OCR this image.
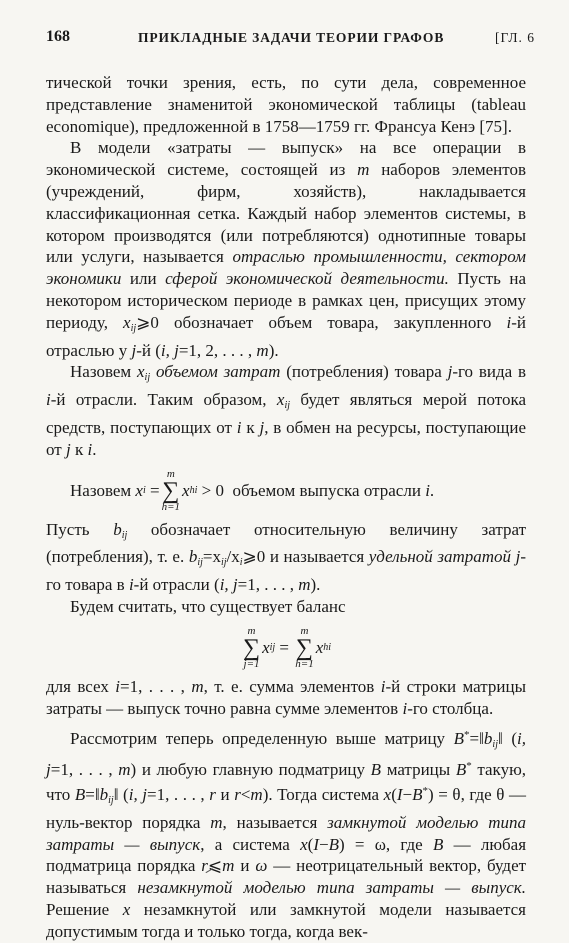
168	ПРИКЛАДНЫЕ ЗАДАЧИ ТЕОРИИ ГРАФОВ	[ГЛ. 6

тической точки зрения, есть, по сути дела, современное представление знаменитой экономической таблицы (tableau economique), предложенной в 1758—1759 гг. Франсуа Кенэ [75].

В модели «затраты — выпуск» на все операции в экономической системе, состоящей из m наборов элементов (учреждений, фирм, хозяйств), накладывается классификационная сетка. Каждый набор элементов системы, в котором производятся (или потребляются) однотипные товары или услуги, называется отраслью промышленности, сектором экономики или сферой экономической деятельности. Пусть на некотором историческом периоде в рамках цен, присущих этому периоду, $x_{ij}⩾0$ обозначает объем товара, закупленного i-й отраслью у j-й (i, j=1, 2, . . . , m).

Назовем $x_{ij}$ объемом затрат (потребления) товара j-го вида в i-й отрасли. Таким образом, $x_{ij}$ будет являться мерой потока средств, поступающих от i к j, в обмен на ресурсы, поступающие от j к i.

Назовем
x i
=
m
∑
h=1
x hi
> 0
объемом выпуска отрасли
i .

Пусть $b_{ij}$ обозначает относительную величину затрат (потребления), т. е. $b_{ij}=x_{ij}/x_i⩾0$ и называется удельной затратой j-го товара в i-й отрасли (i, j=1, . . . , m).

Будем считать, что существует баланс

m
∑
j=1
x ij
=

m
∑
h=1
x hi

для всех i=1, . . . , m, т. е. сумма элементов i-й строки матрицы затраты — выпуск точно равна сумме элементов i-го столбца.

Рассмотрим теперь определенную выше матрицу $B^*=‖b_{ij}‖$ (i, j=1, . . . , m) и любую главную подматрицу B матрицы B* такую, что $B=‖b_{ij}‖$ (i, j=1, . . . , r и r<m). Тогда система x(I−B*) = θ, где θ — нуль-вектор порядка m, называется замкнутой моделью типа затраты — выпуск, а система x(I−B) = ω, где B — любая подматрица порядка r⩽m и ω — неотрицательный вектор, будет называться незамкнутой моделью типа затраты — выпуск. Решение x незамкнутой или замкнутой модели называется допустимым тогда и только тогда, когда век-
